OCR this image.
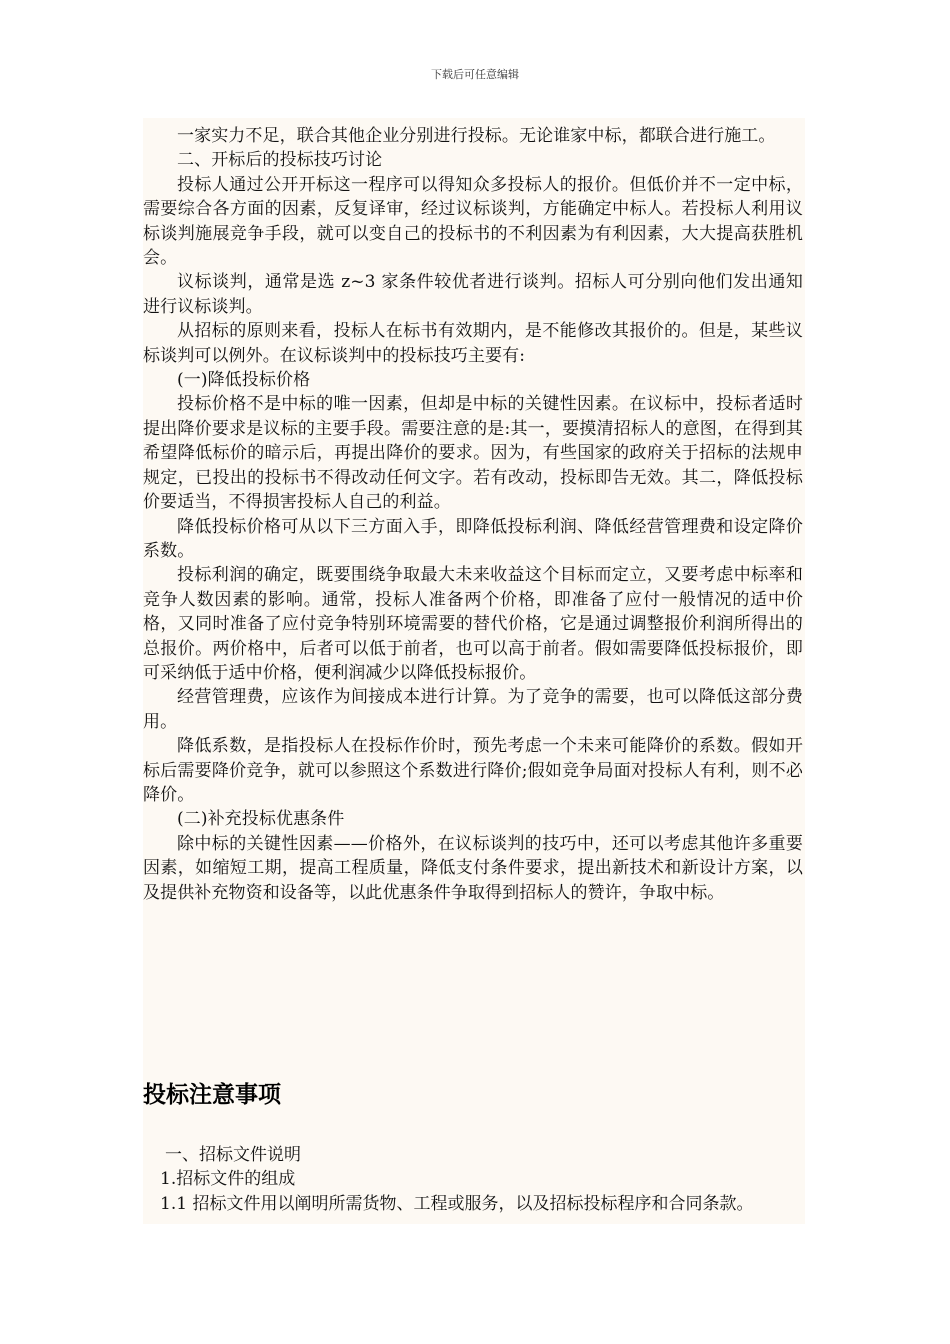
下载后可任意编辑

一家实力不足，联合其他企业分别进行投标。无论谁家中标，都联合进行施工。

二、开标后的投标技巧讨论

投标人通过公开开标这一程序可以得知众多投标人的报价。但低价并不一定中标，需要综合各方面的因素，反复译审，经过议标谈判，方能确定中标人。若投标人利用议标谈判施展竞争手段，就可以变自己的投标书的不利因素为有利因素，大大提高获胜机会。

议标谈判，通常是选 z~3 家条件较优者进行谈判。招标人可分别向他们发出通知进行议标谈判。

从招标的原则来看，投标人在标书有效期内，是不能修改其报价的。但是，某些议标谈判可以例外。在议标谈判中的投标技巧主要有:

(一)降低投标价格

投标价格不是中标的唯一因素，但却是中标的关键性因素。在议标中，投标者适时提出降价要求是议标的主要手段。需要注意的是:其一，要摸清招标人的意图，在得到其希望降低标价的暗示后，再提出降价的要求。因为，有些国家的政府关于招标的法规申规定，已投出的投标书不得改动任何文字。若有改动，投标即告无效。其二，降低投标价要适当，不得损害投标人自己的利益。

降低投标价格可从以下三方面入手，即降低投标利润、降低经营管理费和设定降价系数。

投标利润的确定，既要围绕争取最大未来收益这个目标而定立，又要考虑中标率和竞争人数因素的影响。通常，投标人准备两个价格，即准备了应付一般情况的适中价格，又同时准备了应付竞争特别环境需要的替代价格，它是通过调整报价利润所得出的总报价。两价格中，后者可以低于前者，也可以高于前者。假如需要降低投标报价，即可采纳低于适中价格，便利润减少以降低投标报价。

经营管理费，应该作为间接成本进行计算。为了竞争的需要，也可以降低这部分费用。

降低系数，是指投标人在投标作价时，预先考虑一个未来可能降价的系数。假如开标后需要降价竞争，就可以参照这个系数进行降价;假如竞争局面对投标人有利，则不必降价。

(二)补充投标优惠条件

除中标的关键性因素——价格外，在议标谈判的技巧中，还可以考虑其他许多重要因素，如缩短工期，提高工程质量，降低支付条件要求，提出新技术和新设计方案，以及提供补充物资和设备等，以此优惠条件争取得到招标人的赞许，争取中标。

投标注意事项

一、招标文件说明

1.招标文件的组成

1.1 招标文件用以阐明所需货物、工程或服务，以及招标投标程序和合同条款。
